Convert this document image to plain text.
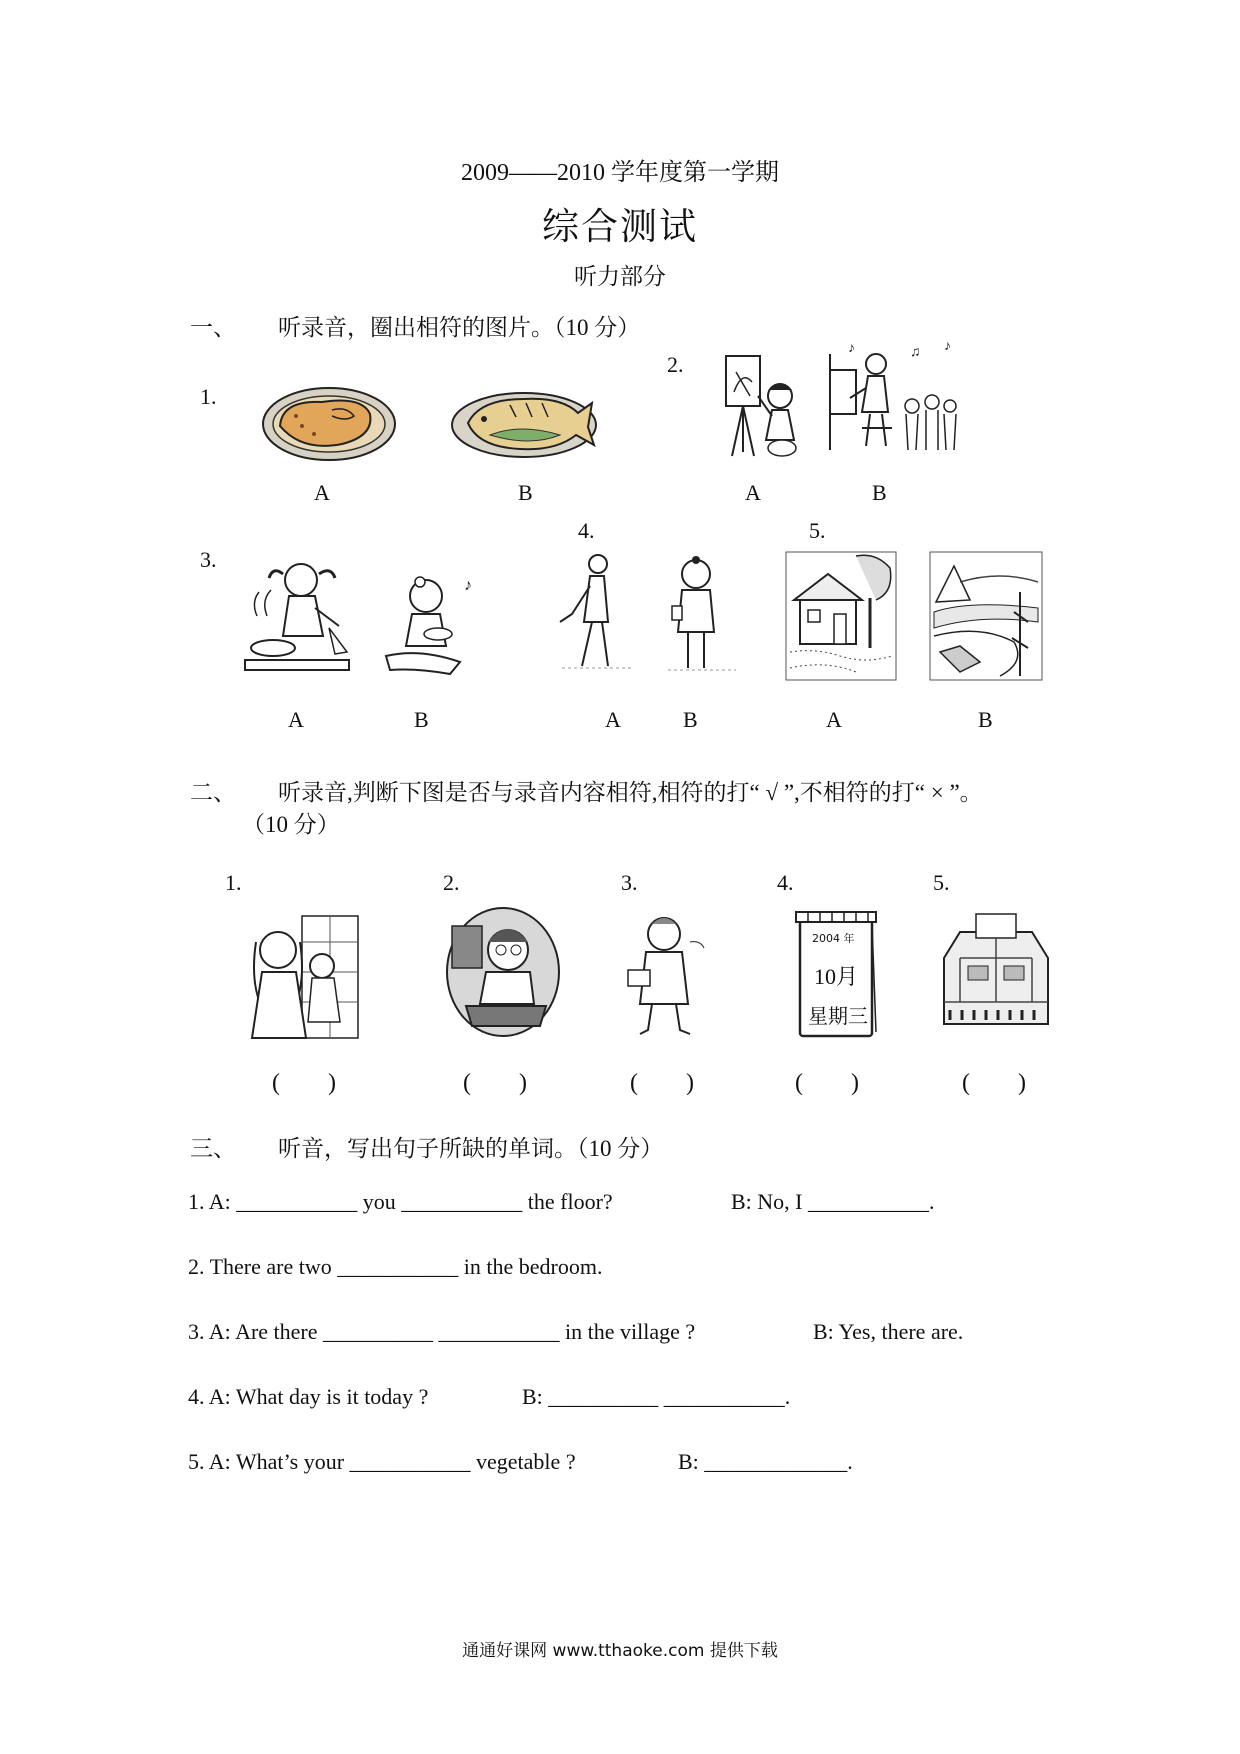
2009——2010 学年度第一学期
综合测试
听力部分
一、 听录音，圈出相符的图片。（10 分）
1.
2.
3.
4.	5.
♪	♫ ♪
A	B	A	B
♪
A	B	A	B	A	B
二、 听录音,判断下图是否与录音内容相符,相符的打“ √ ”,不相符的打“ × ”。
（10 分）
1.	2.	3.	4.	5.
2004 年
10月
星期三
(　　)	(　　)	(　　)	(　　)	(　　)
三、 听音，写出句子所缺的单词。（10 分）
1. A: ___________ you ___________ the floor?	B: No, I ___________.
2. There are two ___________ in the bedroom.
3. A: Are there __________ ___________ in the village ?	B: Yes, there are.
4. A: What day is it today ?	B: __________ ___________.
5. A: What’s your ___________ vegetable ?	B: _____________.
通通好课网 www.tthaoke.com 提供下载
